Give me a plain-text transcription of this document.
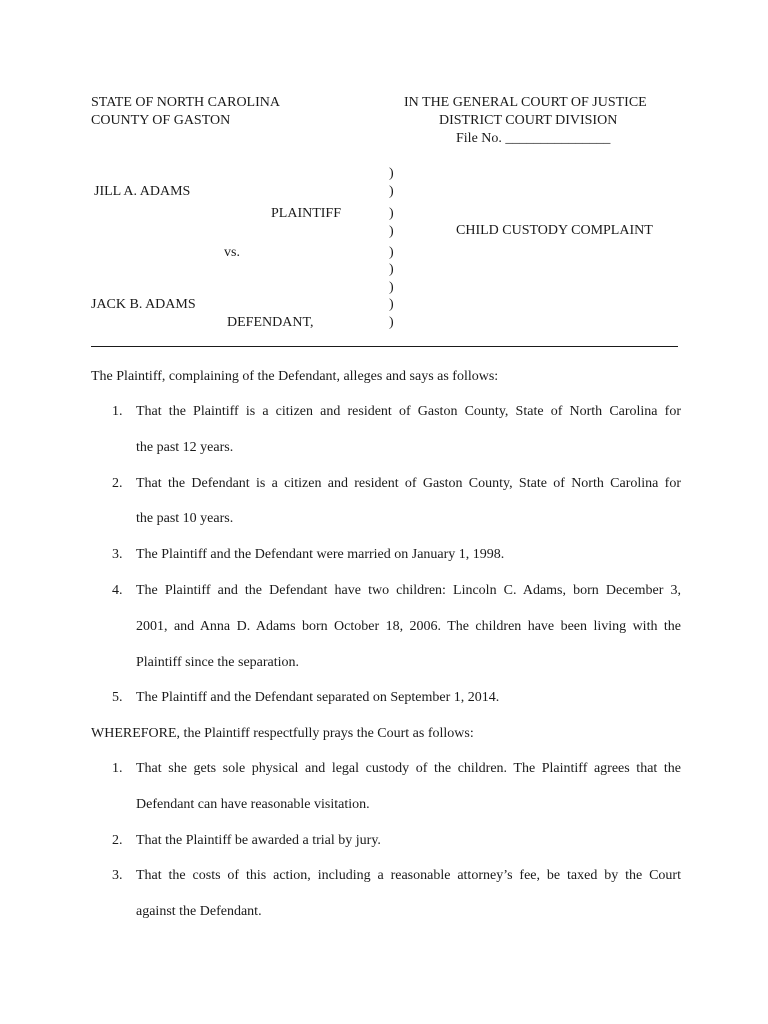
STATE OF NORTH CAROLINA
COUNTY OF GASTON
IN THE GENERAL COURT OF JUSTICE
DISTRICT COURT DIVISION
File No. _______________
JILL A. ADAMS
PLAINTIFF
vs.
JACK B. ADAMS
DEFENDANT,
CHILD CUSTODY COMPLAINT
)
)
)
)
)
)
)
)
)
The Plaintiff, complaining of the Defendant, alleges and says as follows:
1. That the Plaintiff is a citizen and resident of Gaston County, State of North Carolina for
the past 12 years.
2. That the Defendant is a citizen and resident of Gaston County, State of North Carolina for
the past 10 years.
3. The Plaintiff and the Defendant were married on January 1, 1998.
4. The Plaintiff and the Defendant have two children: Lincoln C. Adams, born December 3,
2001, and Anna D. Adams born October 18, 2006. The children have been living with the
Plaintiff since the separation.
5. The Plaintiff and the Defendant separated on September 1, 2014.
WHEREFORE, the Plaintiff respectfully prays the Court as follows:
1. That she gets sole physical and legal custody of the children. The Plaintiff agrees that the
Defendant can have reasonable visitation.
2. That the Plaintiff be awarded a trial by jury.
3. That the costs of this action, including a reasonable attorney’s fee, be taxed by the Court
against the Defendant.
